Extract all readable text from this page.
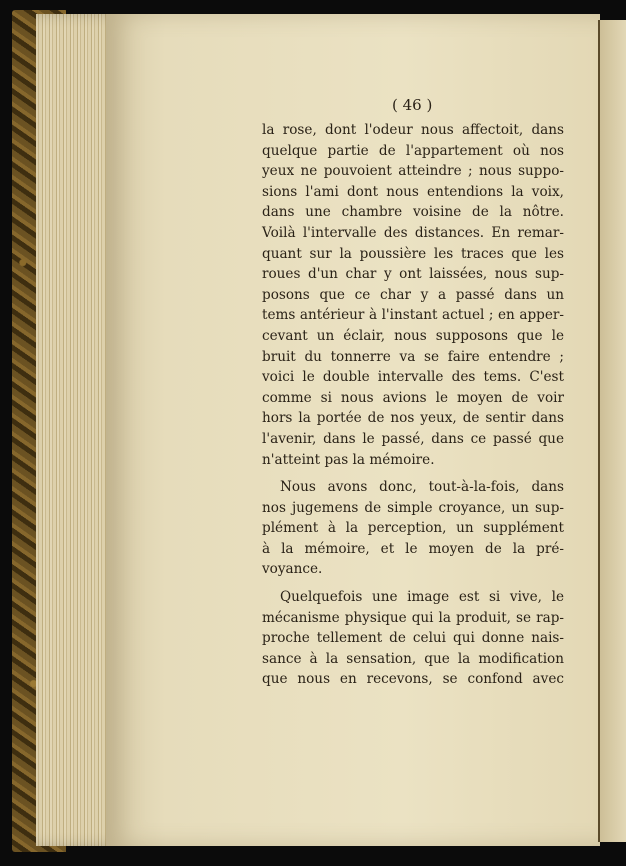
( 46 )
la rose, dont l'odeur nous affectoit, dans
quelque partie de l'appartement où nos
yeux ne pouvoient atteindre ; nous suppo-
sions l'ami dont nous entendions la voix,
dans une chambre voisine de la nôtre.
Voilà l'intervalle des distances. En remar-
quant sur la poussière les traces que les
roues d'un char y ont laissées, nous sup-
posons que ce char y a passé dans un
tems antérieur à l'instant actuel ; en apper-
cevant un éclair, nous supposons que le
bruit du tonnerre va se faire entendre ;
voici le double intervalle des tems. C'est
comme si nous avions le moyen de voir
hors la portée de nos yeux, de sentir dans
l'avenir, dans le passé, dans ce passé que
n'atteint pas la mémoire.
Nous avons donc, tout-à-la-fois, dans
nos jugemens de simple croyance, un sup-
plément à la perception, un supplément
à la mémoire, et le moyen de la pré-
voyance.
Quelquefois une image est si vive, le
mécanisme physique qui la produit, se rap-
proche tellement de celui qui donne nais-
sance à la sensation, que la modification
que nous en recevons, se confond avec
